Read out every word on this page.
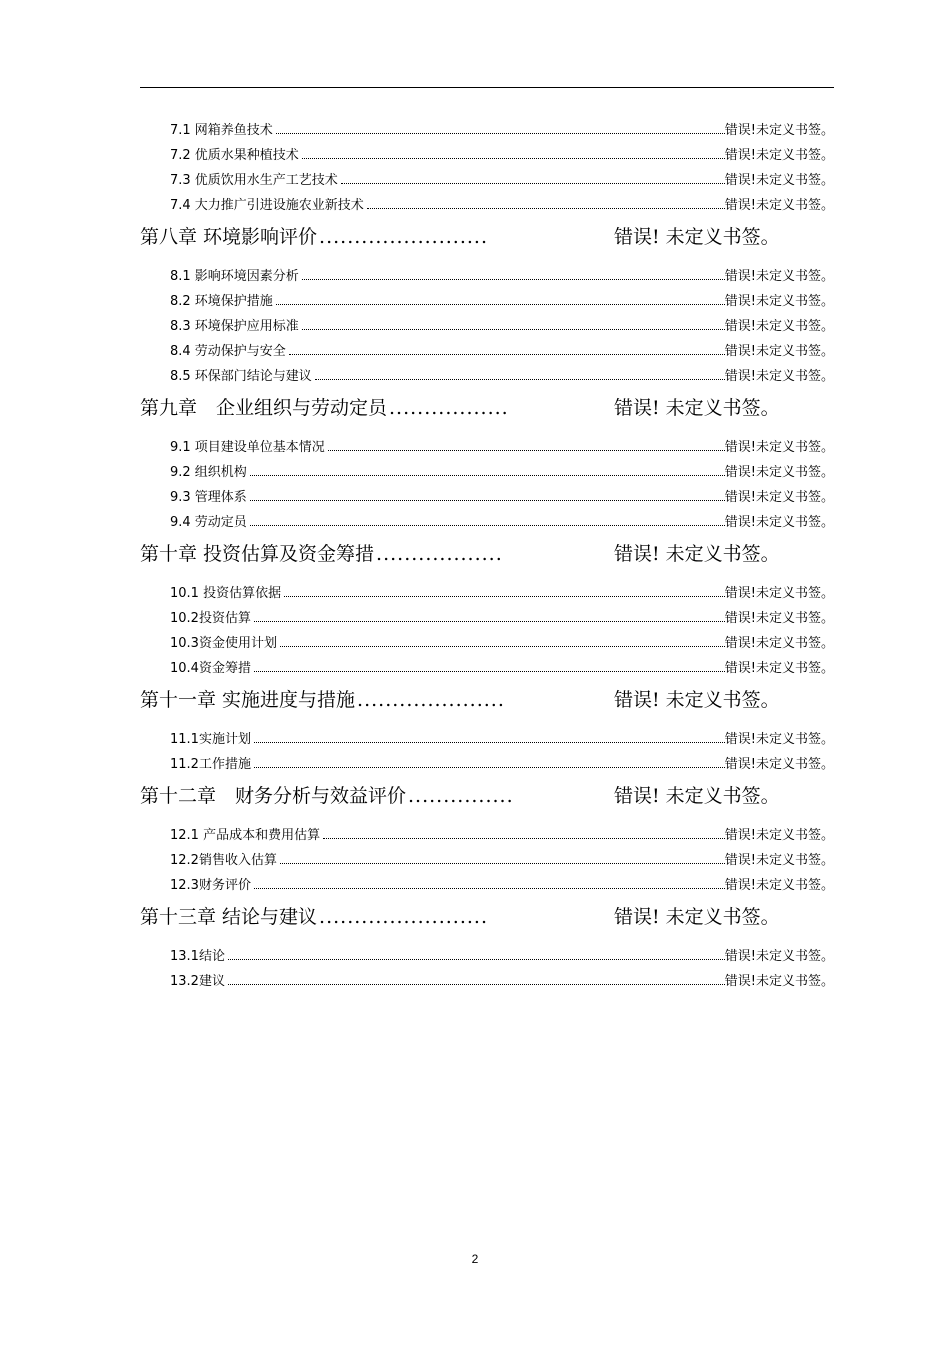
7.1 网箱养鱼技术	错误!未定义书签。
7.2 优质水果种植技术	错误!未定义书签。
7.3 优质饮用水生产工艺技术	错误!未定义书签。
7.4 大力推广引进设施农业新技术	错误!未定义书签。
第八章 环境影响评价 ........................	错误! 未定义书签。
8.1 影响环境因素分析	错误!未定义书签。
8.2 环境保护措施	错误!未定义书签。
8.3 环境保护应用标准	错误!未定义书签。
8.4 劳动保护与安全	错误!未定义书签。
8.5 环保部门结论与建议	错误!未定义书签。
第九章　企业组织与劳动定员 .................	错误! 未定义书签。
9.1 项目建设单位基本情况	错误!未定义书签。
9.2 组织机构	错误!未定义书签。
9.3 管理体系	错误!未定义书签。
9.4 劳动定员	错误!未定义书签。
第十章 投资估算及资金筹措 ..................	错误! 未定义书签。
10.1 投资估算依据	错误!未定义书签。
10.2投资估算	错误!未定义书签。
10.3资金使用计划	错误!未定义书签。
10.4资金筹措	错误!未定义书签。
第十一章 实施进度与措施 .....................	错误! 未定义书签。
11.1实施计划	错误!未定义书签。
11.2工作措施	错误!未定义书签。
第十二章　财务分析与效益评价 ...............	错误! 未定义书签。
12.1 产品成本和费用估算	错误!未定义书签。
12.2销售收入估算	错误!未定义书签。
12.3财务评价	错误!未定义书签。
第十三章 结论与建议 ........................	错误! 未定义书签。
13.1结论	错误!未定义书签。
13.2建议	错误!未定义书签。
2
